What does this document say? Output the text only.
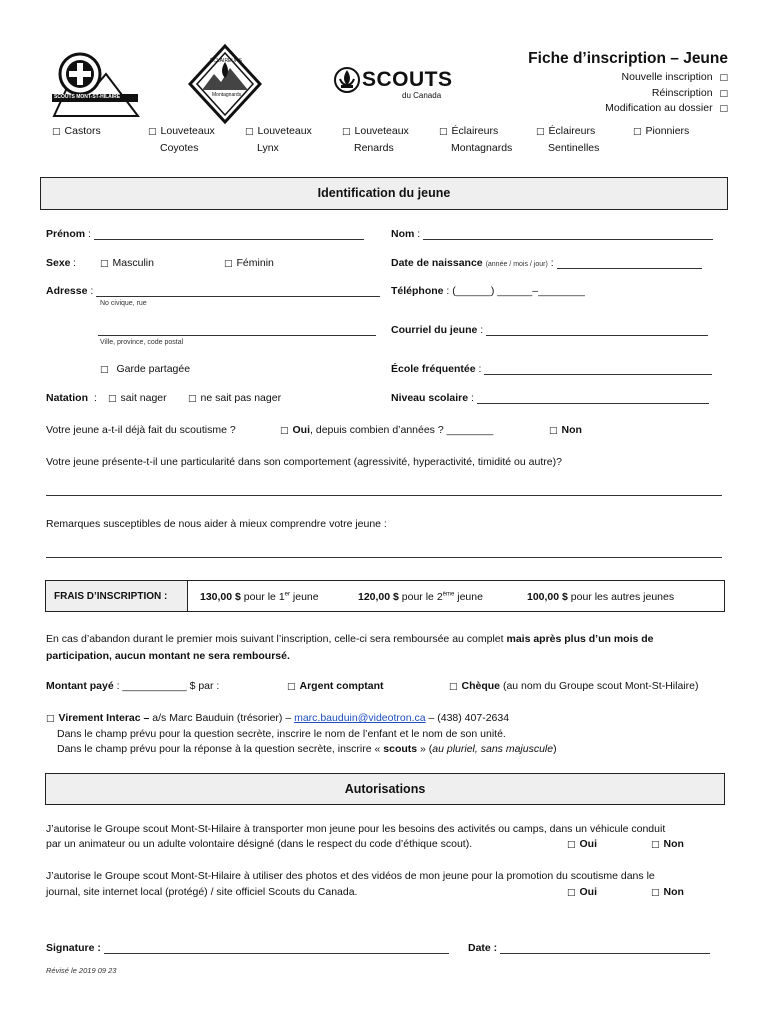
SCOUTS MONT-ST-HILAIRE
ÉCLAIREURS
Montagnards
SCOUTS
du Canada
Fiche d’inscription – Jeune
Nouvelle inscription □
Réinscription □
Modification au dossier □
□ Castors	□ Louveteaux
Coyotes
□ Louveteaux
Lynx
□ Louveteaux
Renards
□ Éclaireurs
Montagnards
□ Éclaireurs
Sentinelles
□ Pionniers
Identification du jeune
Prénom :	Nom :
Sexe :	□ Masculin	□ Féminin	Date de naissance (année / mois / jour) :
Adresse :
No civique, rue
Téléphone : (______) ______–________
Ville, province, code postal
Courriel du jeune :
□ Garde partagée	École fréquentée :
Natation : □ sait nager □ ne sait pas nager	Niveau scolaire :
Votre jeune a-t-il déjà fait du scoutisme ?	□ Oui, depuis combien d’années ? ________	□ Non
Votre jeune présente-t-il une particularité dans son comportement (agressivité, hyperactivité, timidité ou autre)?
Remarques susceptibles de nous aider à mieux comprendre votre jeune :
FRAIS D’INSCRIPTION :	130,00 $ pour le 1er jeune	120,00 $ pour le 2ème jeune	100,00 $ pour les autres jeunes
En cas d’abandon durant le premier mois suivant l’inscription, celle-ci sera remboursée au complet mais après plus d’un mois de
participation, aucun montant ne sera remboursé.
Montant payé : ___________ $ par :	□ Argent comptant	□ Chèque (au nom du Groupe scout Mont-St-Hilaire)
□ Virement Interac – a/s Marc Bauduin (trésorier) – marc.bauduin@videotron.ca – (438) 407-2634
Dans le champ prévu pour la question secrète, inscrire le nom de l’enfant et le nom de son unité.
Dans le champ prévu pour la réponse à la question secrète, inscrire « scouts » (au pluriel, sans majuscule)
Autorisations
J’autorise le Groupe scout Mont-St-Hilaire à transporter mon jeune pour les besoins des activités ou camps, dans un véhicule conduit
par un animateur ou un adulte volontaire désigné (dans le respect du code d’éthique scout).	□ Oui	□ Non
J’autorise le Groupe scout Mont-St-Hilaire à utiliser des photos et des vidéos de mon jeune pour la promotion du scoutisme dans le
journal, site internet local (protégé) / site officiel Scouts du Canada.	□ Oui	□ Non
Signature :	Date :
Révisé le 2019 09 23
